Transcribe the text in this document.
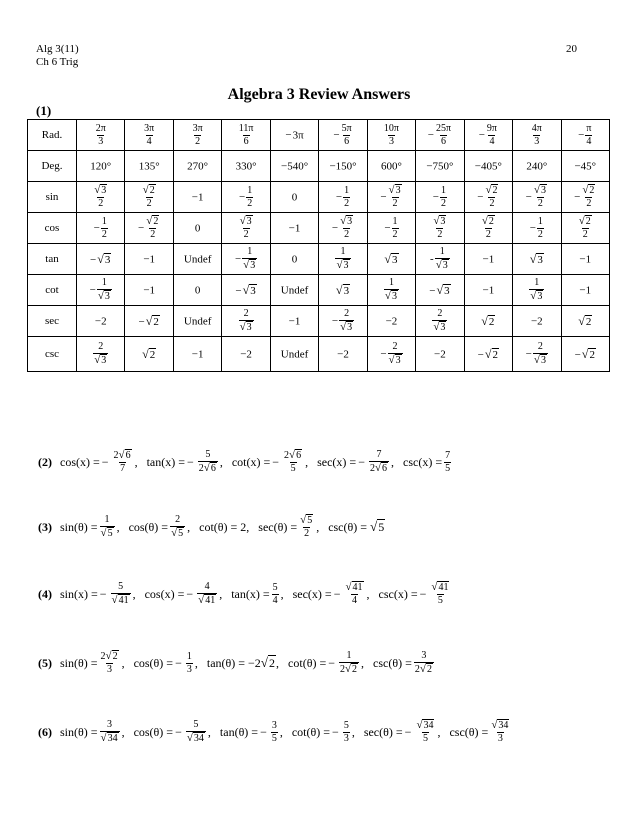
Alg 3(11)
Ch 6 Trig
20
Algebra 3 Review Answers
(1)
Rad.	$\frac{2\pi}{3}$	$\frac{3\pi}{4}$	$\frac{3\pi}{2}$	$\frac{11\pi}{6}$	−3π	− $\frac{5\pi}{6}$	$\frac{10\pi}{3}$	− $\frac{25\pi}{6}$	− $\frac{9\pi}{4}$	$\frac{4\pi}{3}$	− $\frac{\pi}{4}$

Deg.	120°	135°	270°	330°	−540°	−150°	600°	−750°	−405°	240°	−45°
sin	$\frac{√3}{2}$	$\frac{√2}{2}$	−1	− $\frac{1}{2}$	0	− $\frac{1}{2}$	− $\frac{√3}{2}$	− $\frac{1}{2}$	− $\frac{√2}{2}$	− $\frac{√3}{2}$	− $\frac{√2}{2}$

cos	− $\frac{1}{2}$	− $\frac{√2}{2}$	0	$\frac{√3}{2}$	−1	− $\frac{√3}{2}$	− $\frac{1}{2}$	$\frac{√3}{2}$	$\frac{√2}{2}$	− $\frac{1}{2}$	$\frac{√2}{2}$

tan	−√3	−1	Undef	− $\frac{1}{√3}$	0	$\frac{1}{√3}$	√3	- $\frac{1}{√3}$	−1	√3	−1
cot	− $\frac{1}{√3}$	−1	0	−√3	Undef	√3	$\frac{1}{√3}$	−√3	−1	$\frac{1}{√3}$	−1
sec	−2	−√2	Undef	$\frac{2}{√3}$	−1	− $\frac{2}{√3}$	−2	$\frac{2}{√3}$	√2	−2	√2
csc	$\frac{2}{√3}$	√2	−1	−2	Undef	−2	− $\frac{2}{√3}$	−2	−√2	− $\frac{2}{√3}$	−√2
(2) cos(x) = − $\frac{2√6}{7}$ , tan(x) = − $\frac{5}{2√6}$ , cot(x) = − $\frac{2√6}{5}$ , sec(x) = − $\frac{7}{2√6}$ , $\csc(x) = \frac{7}{5}$
(3) $\sin(\theta) = \frac{1}{√5}$ , $\cos(\theta) = \frac{2}{√5}$ , cot(θ) = 2 , $\sec(\theta) = \frac{√5}{2}$ , csc(θ) = √5
(4) sin(x) = − $\frac{5}{√41}$ , cos(x) = − $\frac{4}{√41}$ , $\tan(x) = \frac{5}{4}$ , sec(x) = − $\frac{√41}{4}$ , csc(x) = − $\frac{√41}{5}$
(5) $\sin(\theta) = \frac{2√2}{3}$ , cos(θ) = − $\frac{1}{3}$ , tan(θ) = −2√2 , cot(θ) = − $\frac{1}{2√2}$ , $\csc(\theta) = \frac{3}{2√2}$
(6) $\sin(\theta) = \frac{3}{√34}$ , cos(θ) = − $\frac{5}{√34}$ , tan(θ) = − $\frac{3}{5}$ , cot(θ) = − $\frac{5}{3}$ , sec(θ) = − $\frac{√34}{5}$ , $\csc(\theta) = \frac{√34}{3}$
